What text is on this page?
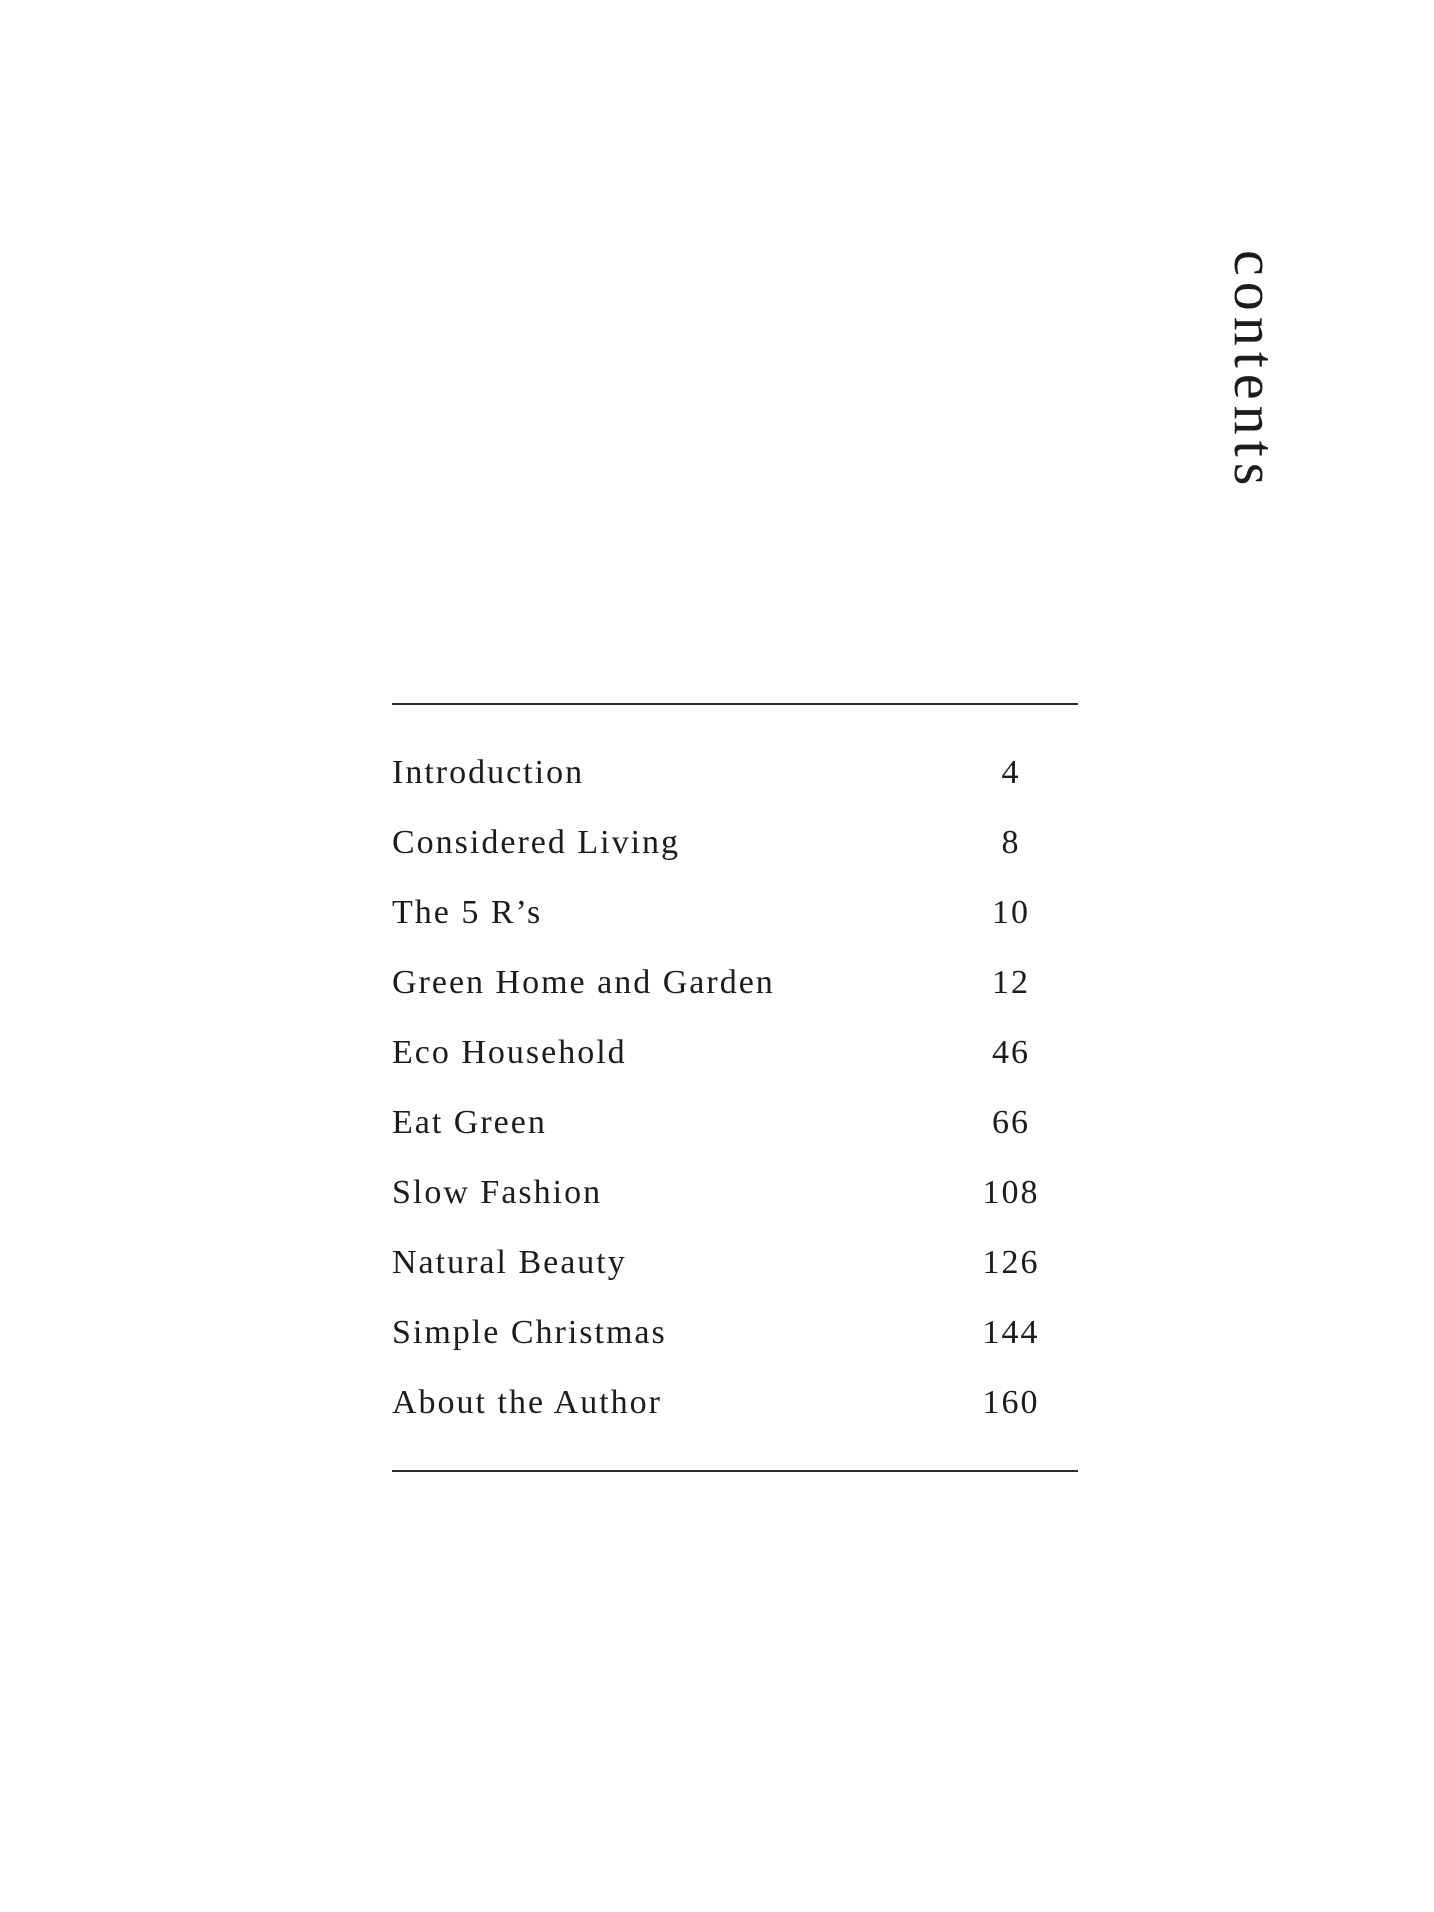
contents
Introduction	4
Considered Living	8
The 5 R’s	10
Green Home and Garden	12
Eco Household	46
Eat Green	66
Slow Fashion	108
Natural Beauty	126
Simple Christmas	144
About the Author	160
